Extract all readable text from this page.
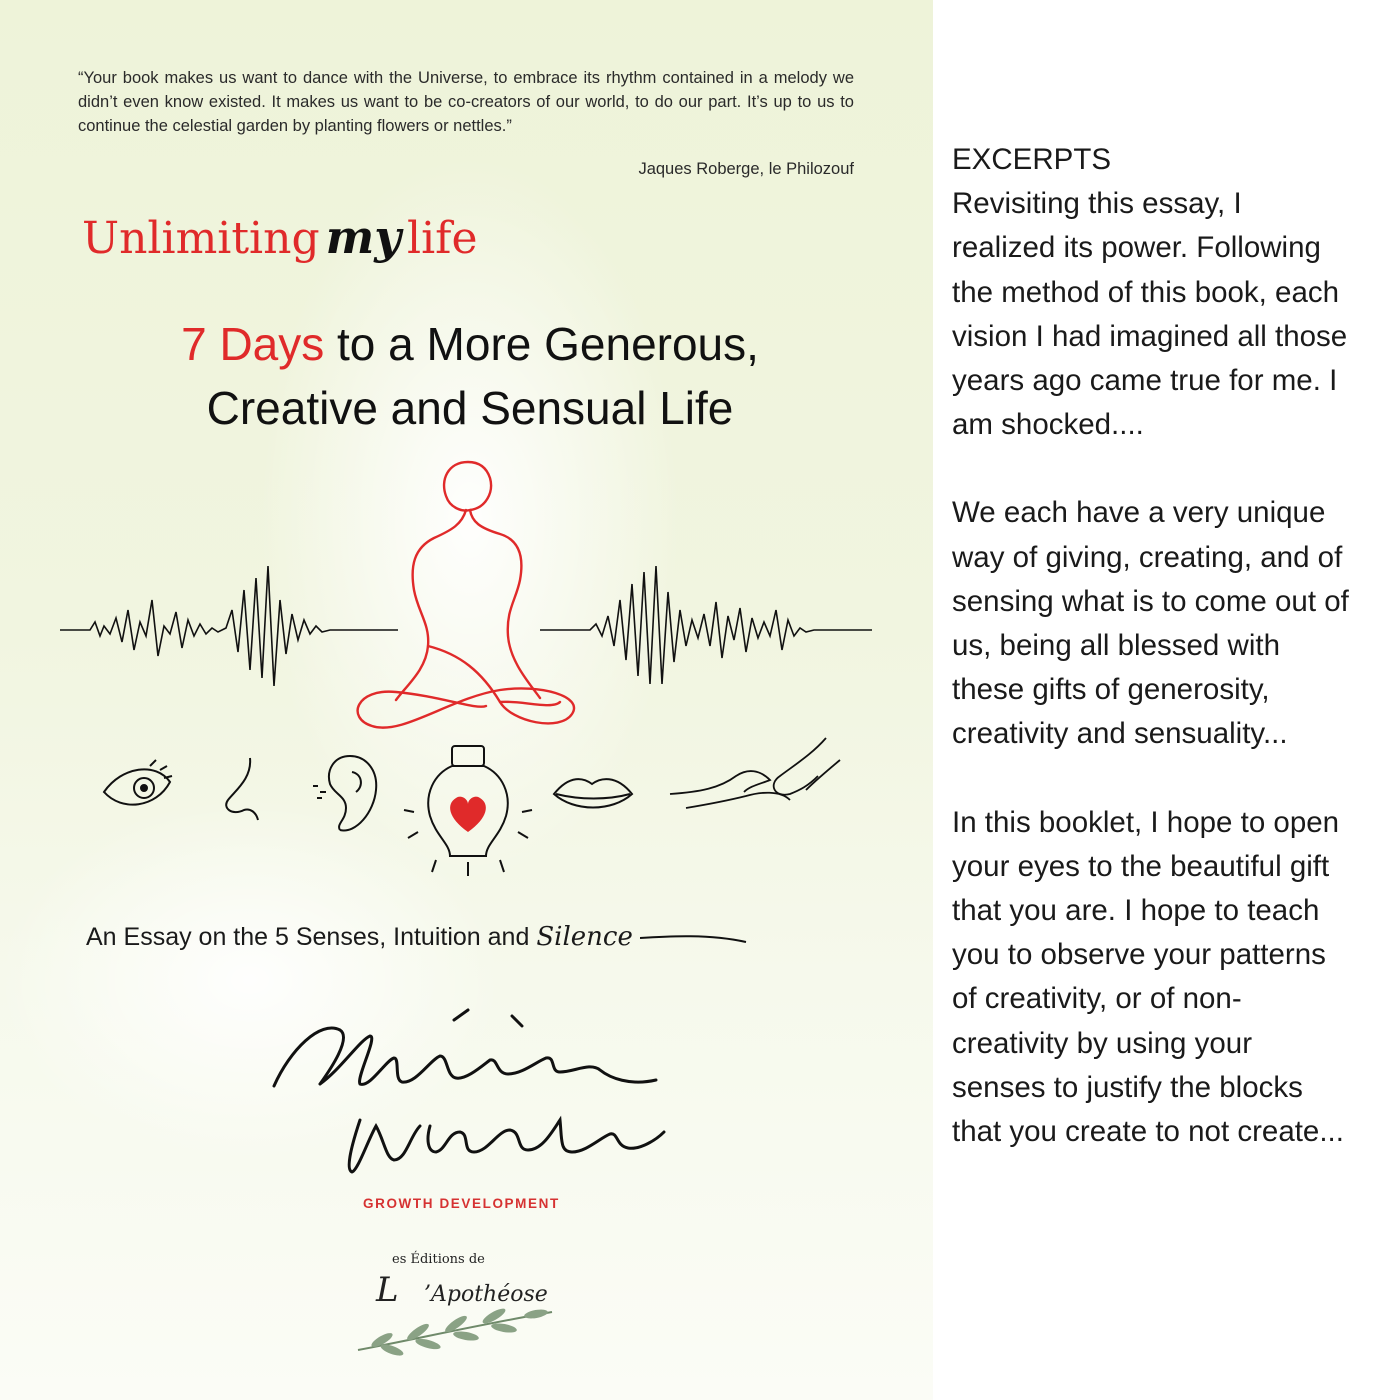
“Your book makes us want to dance with the Universe, to embrace its rhythm contained in a melody we didn’t even know existed. It makes us want to be co-creators of our world, to do our part. It’s up to us to continue the celestial garden by planting flowers or nettles.”
Jaques Roberge, le Philozouf
Unlimiting my life
7 Days to a More Generous,
Creative and Sensual Life
An Essay on the 5 Senses, Intuition and Silence
GROWTH DEVELOPMENT
es Éditions de
L ’Apothéose

EXCERPTS

Revisiting this essay, I realized its power. Following the method of this book, each vision I had imagined all those years ago came true for me. I am shocked....

We each have a very unique way of giving, creating, and of sensing what is to come out of us, being all blessed with these gifts of generosity, creativity and sensuality...

In this booklet, I hope to open your eyes to the beautiful gift that you are. I hope to teach you to observe your patterns of creativity, or of non-creativity by using your senses to justify the blocks that you create to not create...
